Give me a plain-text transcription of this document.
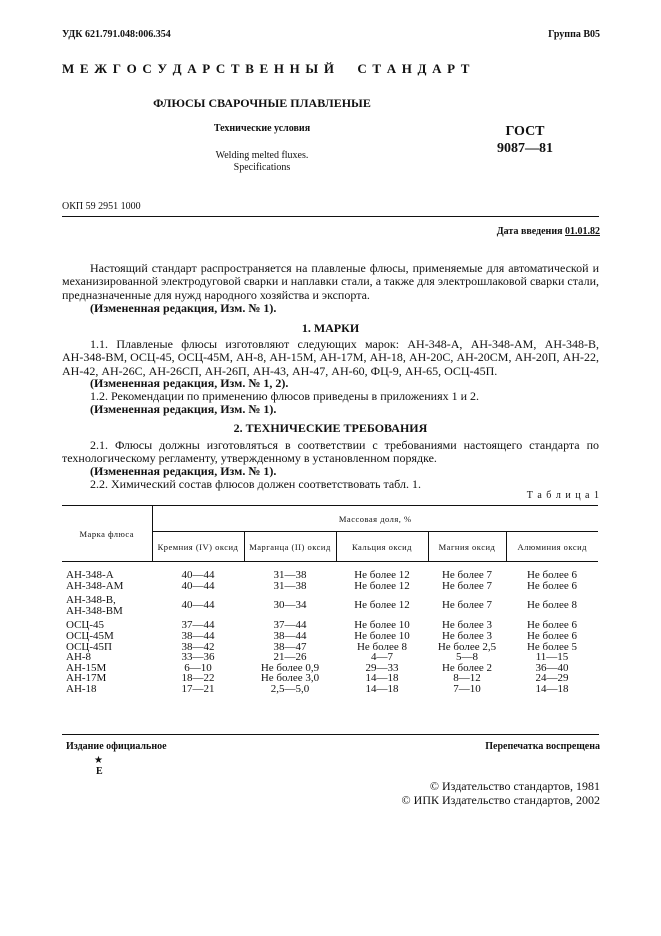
УДК 621.791.048:006.354	Группа В05
М Е Ж Г О С У Д А Р С Т В Е Н Н Ы Й     С Т А Н Д А Р Т
ФЛЮСЫ СВАРОЧНЫЕ ПЛАВЛЕНЫЕ
Технические условия
Welding melted fluxes.
Specifications
ГОСТ
9087—81
ОКП 59 2951 1000
Дата введения 01.01.82
Настоящий стандарт распространяется на плавленые флюсы, применяемые для автоматической и механизированной электродуговой сварки и наплавки стали, а также для электрошлаковой сварки стали, предназначенные для нужд народного хозяйства и экспорта.
(Измененная редакция, Изм. № 1).
1. МАРКИ
1.1. Плавленые флюсы изготовляют следующих марок: АН-348-А, АН-348-АМ, АН-348-В, АН-348-ВМ, ОСЦ-45, ОСЦ-45М, АН-8, АН-15М, АН-17М, АН-18, АН-20С, АН-20СМ, АН-20П, АН-22, АН-42, АН-26С, АН-26СП, АН-26П, АН-43, АН-47, АН-60, ФЦ-9, АН-65, ОСЦ-45П.
(Измененная редакция, Изм. № 1, 2).
1.2. Рекомендации по применению флюсов приведены в приложениях 1 и 2.
(Измененная редакция, Изм. № 1).
2. ТЕХНИЧЕСКИЕ ТРЕБОВАНИЯ
2.1. Флюсы должны изготовляться в соответствии с требованиями настоящего стандарта по технологическому регламенту, утвержденному в установленном порядке.
(Измененная редакция, Изм. № 1).
2.2. Химический состав флюсов должен соответствовать табл. 1.
Т а б л и ц а 1
Марка флюса	Массовая доля, %				
	Кремния (IV) оксид	Марганца (II) оксид	Кальция оксид	Магния оксид	Алюминия оксид
АН-348-А	40—44	31—38	Не более 12	Не более 7	Не более 6
АН-348-АМ	40—44	31—38	Не более 12	Не более 7	Не более 6
АН-348-В,
АН-348-ВМ	40—44	30—34	Не более 12	Не более 7	Не более 8
ОСЦ-45	37—44	37—44	Не более 10	Не более 3	Не более 6
ОСЦ-45М	38—44	38—44	Не более 10	Не более 3	Не более 6
ОСЦ-45П	38—42	38—47	Не более 8	Не более 2,5	Не более 5
АН-8	33—36	21—26	4—7	5—8	11—15
АН-15М	6—10	Не более 0,9	29—33	Не более 2	36—40
АН-17М	18—22	Не более 3,0	14—18	8—12	24—29
АН-18	17—21	2,5—5,0	14—18	7—10	14—18
Издание официальное
★
Е
Перепечатка воспрещена
© Издательство стандартов, 1981
© ИПК Издательство стандартов, 2002
